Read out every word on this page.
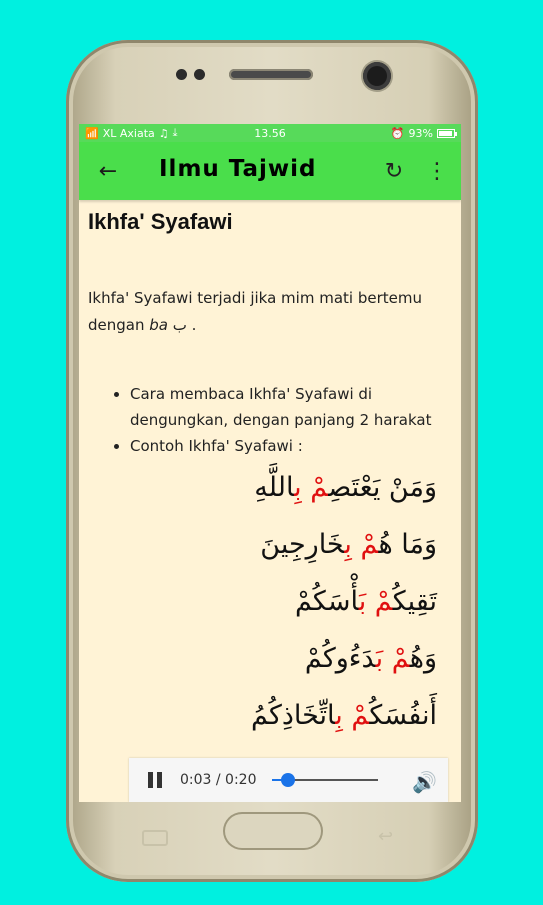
↩
📶 XL Axiata ♫ ⤓	13.56	⏰ 93%
←	Ilmu Tajwid	↻ ⋮
Ikhfa' Syafawi
Ikhfa' Syafawi terjadi jika mim mati bertemu dengan ba ب .
• Cara membaca Ikhfa' Syafawi di dengungkan, dengan panjang 2 harakat
• Contoh Ikhfa' Syafawi :
وَمَنْ يَعْتَصِمْ بِاللَّهِ
وَمَا هُمْ بِخَارِجِينَ
تَقِيكُمْ بَأْسَكُمْ
وَهُمْ بَدَءُوكُمْ
أَنفُسَكُمْ بِاتِّخَاذِكُمُ
0:03 / 0:20	🔊
